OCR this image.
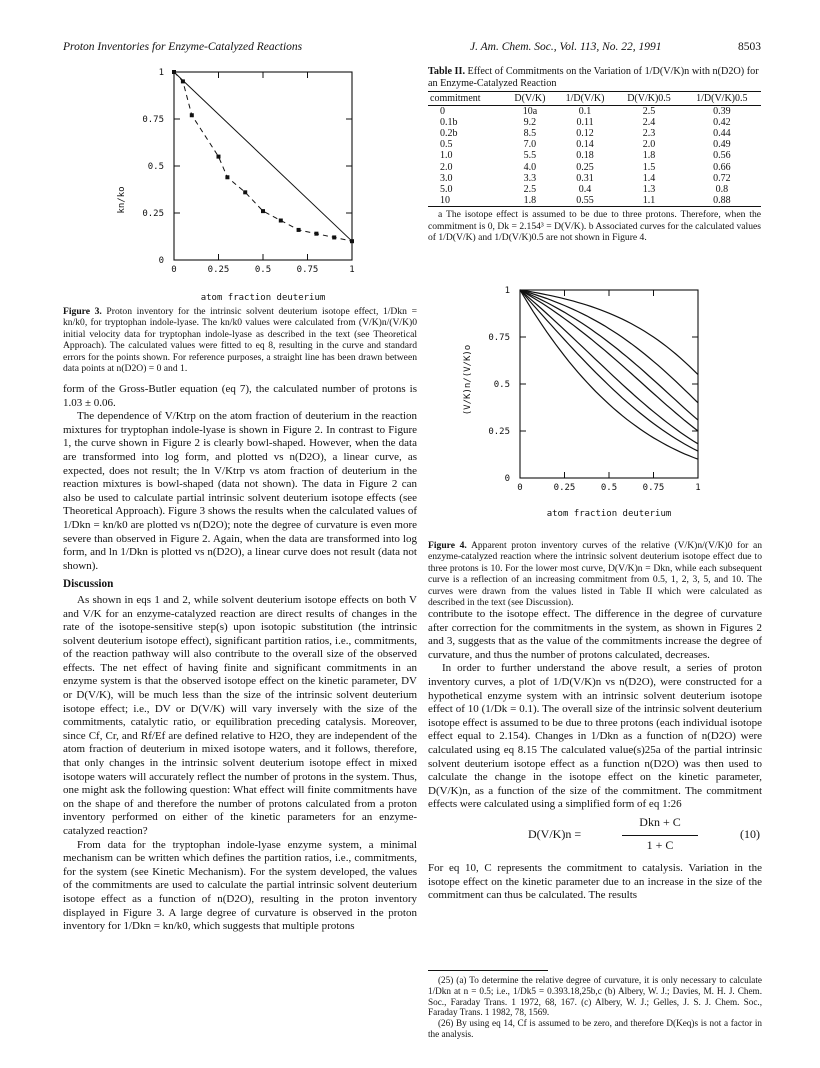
Proton Inventories for Enzyme-Catalyzed Reactions	J. Am. Chem. Soc., Vol. 113, No. 22, 1991	8503
0	0.25	0.5	0.75	1
0
0.25
0.5
0.75
1
kn/ko
atom fraction deuterium
Figure 3. Proton inventory for the intrinsic solvent deuterium isotope effect, 1/Dkn = kn/k0, for tryptophan indole-lyase. The kn/k0 values were calculated from (V/K)n/(V/K)0 initial velocity data for tryptophan indole-lyase as described in the text (see Theoretical Approach). The calculated values were fitted to eq 8, resulting in the curve and standard errors for the points shown. For reference purposes, a straight line has been drawn between data points at n(D2O) = 0 and 1.

form of the Gross-Butler equation (eq 7), the calculated number of protons is 1.03 ± 0.06.

The dependence of V/Ktrp on the atom fraction of deuterium in the reaction mixtures for tryptophan indole-lyase is shown in Figure 2. In contrast to Figure 1, the curve shown in Figure 2 is clearly bowl-shaped. However, when the data are transformed into log form, and plotted vs n(D2O), a linear curve, as expected, does not result; the ln V/Ktrp vs atom fraction of deuterium in the reaction mixtures is bowl-shaped (data not shown). The data in Figure 2 can also be used to calculate partial intrinsic solvent deuterium isotope effects (see Theoretical Approach). Figure 3 shows the results when the calculated values of 1/Dkn = kn/k0 are plotted vs n(D2O); note the degree of curvature is even more severe than observed in Figure 2. Again, when the data are transformed into log form, and ln 1/Dkn is plotted vs n(D2O), a linear curve does not result (data not shown).

Discussion

As shown in eqs 1 and 2, while solvent deuterium isotope effects on both V and V/K for an enzyme-catalyzed reaction are direct results of changes in the rate of the isotope-sensitive step(s) upon isotopic substitution (the intrinsic solvent deuterium isotope effect), significant partition ratios, i.e., commitments, of the reaction pathway will also contribute to the overall size of the observed effects. The net effect of having finite and significant commitments in an enzyme system is that the observed isotope effect on the kinetic parameter, DV or D(V/K), will be much less than the size of the intrinsic solvent deuterium isotope effect; i.e., DV or D(V/K) will vary inversely with the size of the commitments, catalytic ratio, or equilibration preceding catalysis. Moreover, since Cf, Cr, and Rf/Ef are defined relative to H2O, they are independent of the atom fraction of deuterium in mixed isotope waters, and it follows, therefore, that only changes in the intrinsic solvent deuterium isotope effect in mixed isotope waters will accurately reflect the number of protons in the system. Thus, one might ask the following question: What effect will finite commitments have on the shape of and therefore the number of protons calculated from a proton inventory performed on either of the kinetic parameters for an enzyme-catalyzed reaction?

From data for the tryptophan indole-lyase enzyme system, a minimal mechanism can be written which defines the partition ratios, i.e., commitments, for the system (see Kinetic Mechanism). For the system developed, the values of the commitments are used to calculate the partial intrinsic solvent deuterium isotope effect as a function of n(D2O), resulting in the proton inventory displayed in Figure 3. A large degree of curvature is observed in the proton inventory for 1/Dkn = kn/k0, which suggests that multiple protons

Table II. Effect of Commitments on the Variation of 1/D(V/K)n with n(D2O) for an Enzyme-Catalyzed Reaction
commitment	D(V/K)	1/D(V/K)	D(V/K)0.5	1/D(V/K)0.5
0	10a	0.1	2.5	0.39
0.1b	9.2	0.11	2.4	0.42
0.2b	8.5	0.12	2.3	0.44
0.5	7.0	0.14	2.0	0.49
1.0	5.5	0.18	1.8	0.56
2.0	4.0	0.25	1.5	0.66
3.0	3.3	0.31	1.4	0.72
5.0	2.5	0.4	1.3	0.8
10	1.8	0.55	1.1	0.88
a The isotope effect is assumed to be due to three protons. Therefore, when the commitment is 0, Dk = 2.154³ = D(V/K). b Associated curves for the calculated values of 1/D(V/K) and 1/D(V/K)0.5 are not shown in Figure 4.
0	0.25	0.5	0.75	1
0
0.25
0.5
0.75
1
(V/K)n/(V/K)o
atom fraction deuterium
Figure 4. Apparent proton inventory curves of the relative (V/K)n/(V/K)0 for an enzyme-catalyzed reaction where the intrinsic solvent deuterium isotope effect due to three protons is 10. For the lower most curve, D(V/K)n = Dkn, while each subsequent curve is a reflection of an increasing commitment from 0.5, 1, 2, 3, 5, and 10. The curves were drawn from the values listed in Table II which were calculated as described in the text (see Discussion).

contribute to the isotope effect. The difference in the degree of curvature after correction for the commitments in the system, as shown in Figures 2 and 3, suggests that as the value of the commitments increase the degree of curvature, and thus the number of protons calculated, decreases.

In order to further understand the above result, a series of proton inventory curves, a plot of 1/D(V/K)n vs n(D2O), were constructed for a hypothetical enzyme system with an intrinsic solvent deuterium isotope effect of 10 (1/Dk = 0.1). The overall size of the intrinsic solvent deuterium isotope effect is assumed to be due to three protons (each individual isotope effect equal to 2.154). Changes in 1/Dkn as a function of n(D2O) were calculated using eq 8.15 The calculated value(s)25a of the partial intrinsic solvent deuterium isotope effect as a function n(D2O) was then used to calculate the change in the isotope effect on the kinetic parameter, D(V/K)n, as a function of the size of the commitment. The commitment effects were calculated using a simplified form of eq 1:26

D(V/K)n =
Dkn + C
1 + C
(10)

For eq 10, C represents the commitment to catalysis. Variation in the isotope effect on the kinetic parameter due to an increase in the size of the commitment can thus be calculated. The results

(25) (a) To determine the relative degree of curvature, it is only necessary to calculate 1/Dkn at n = 0.5; i.e., 1/Dk5 = 0.393.18,25b,c (b) Albery, W. J.; Davies, M. H. J. Chem. Soc., Faraday Trans. 1 1972, 68, 167. (c) Albery, W. J.; Gelles, J. S. J. Chem. Soc., Faraday Trans. 1 1982, 78, 1569.
(26) By using eq 14, Cf is assumed to be zero, and therefore D(Keq)s is not a factor in the analysis.
